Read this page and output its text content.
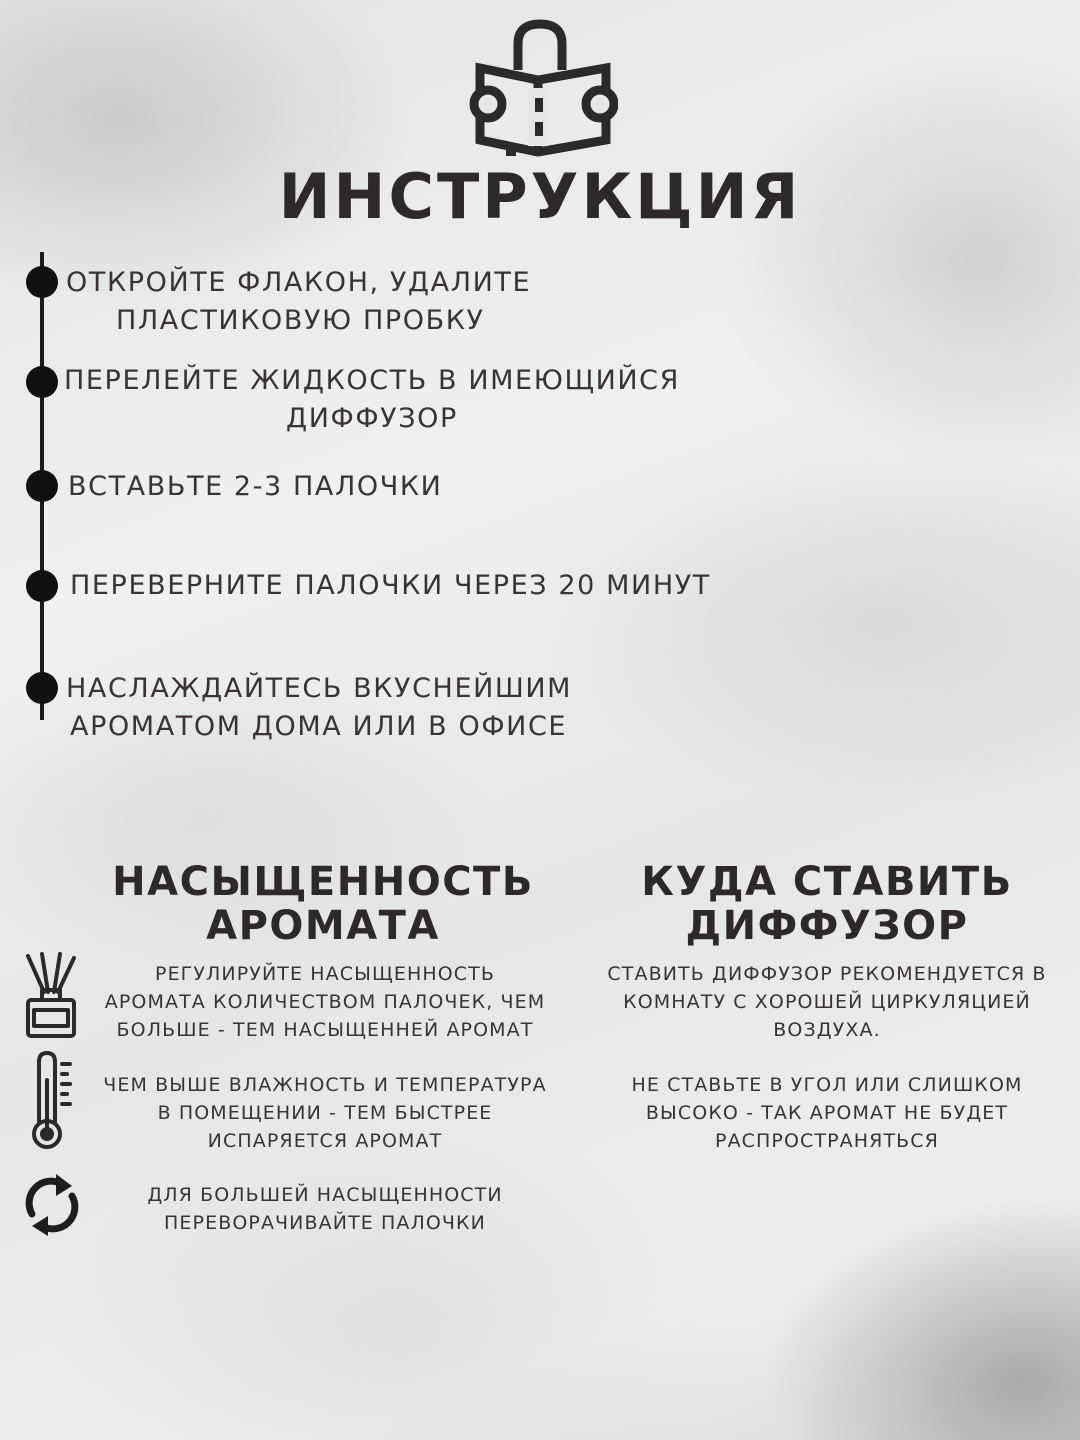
ИНСТРУКЦИЯ
ОТКРОЙТЕ ФЛАКОН, УДАЛИТЕ
ПЛАСТИКОВУЮ ПРОБКУ
ПЕРЕЛЕЙТЕ ЖИДКОСТЬ В ИМЕЮЩИЙСЯ
ДИФФУЗОР
ВСТАВЬТЕ 2-3 ПАЛОЧКИ
ПЕРЕВЕРНИТЕ ПАЛОЧКИ ЧЕРЕЗ 20 МИНУТ
НАСЛАЖДАЙТЕСЬ ВКУСНЕЙШИМ
АРОМАТОМ ДОМА ИЛИ В ОФИСЕ
НАСЫЩЕННОСТЬ
АРОМАТА
КУДА СТАВИТЬ
ДИФФУЗОР
РЕГУЛИРУЙТЕ НАСЫЩЕННОСТЬ
АРОМАТА КОЛИЧЕСТВОМ ПАЛОЧЕК, ЧЕМ
БОЛЬШЕ - ТЕМ НАСЫЩЕННЕЙ АРОМАТ
ЧЕМ ВЫШЕ ВЛАЖНОСТЬ И ТЕМПЕРАТУРА
В ПОМЕЩЕНИИ - ТЕМ БЫСТРЕЕ
ИСПАРЯЕТСЯ АРОМАТ
ДЛЯ БОЛЬШЕЙ НАСЫЩЕННОСТИ
ПЕРЕВОРАЧИВАЙТЕ ПАЛОЧКИ
СТАВИТЬ ДИФФУЗОР РЕКОМЕНДУЕТСЯ В
КОМНАТУ С ХОРОШЕЙ ЦИРКУЛЯЦИЕЙ
ВОЗДУХА.
НЕ СТАВЬТЕ В УГОЛ ИЛИ СЛИШКОМ
ВЫСОКО - ТАК АРОМАТ НЕ БУДЕТ
РАСПРОСТРАНЯТЬСЯ
